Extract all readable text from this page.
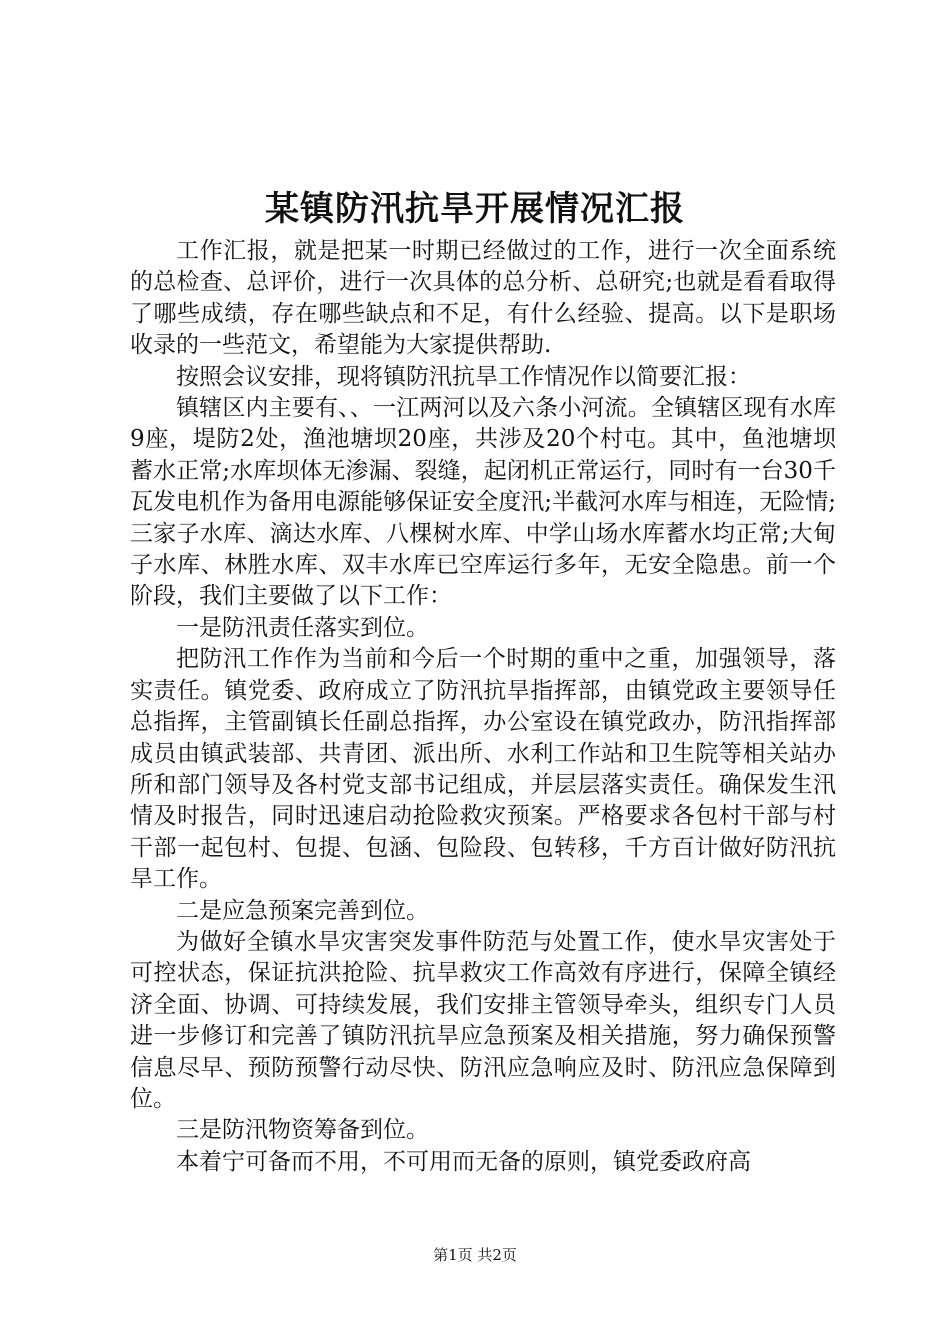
某镇防汛抗旱开展情况汇报

工作汇报，就是把某一时期已经做过的工作，进行一次全面系统的总检查、总评价，进行一次具体的总分析、总研究;也就是看看取得了哪些成绩，存在哪些缺点和不足，有什么经验、提高。以下是职场收录的一些范文，希望能为大家提供帮助.

按照会议安排，现将镇防汛抗旱工作情况作以简要汇报：

镇辖区内主要有、、一江两河以及六条小河流。全镇辖区现有水库9座，堤防2处，渔池塘坝20座，共涉及20个村屯。其中，鱼池塘坝蓄水正常;水库坝体无渗漏、裂缝，起闭机正常运行，同时有一台30千瓦发电机作为备用电源能够保证安全度汛;半截河水库与相连，无险情;三家子水库、滴达水库、八棵树水库、中学山场水库蓄水均正常;大甸子水库、林胜水库、双丰水库已空库运行多年，无安全隐患。前一个阶段，我们主要做了以下工作：

一是防汛责任落实到位。

把防汛工作作为当前和今后一个时期的重中之重，加强领导，落实责任。镇党委、政府成立了防汛抗旱指挥部，由镇党政主要领导任总指挥，主管副镇长任副总指挥，办公室设在镇党政办，防汛指挥部成员由镇武装部、共青团、派出所、水利工作站和卫生院等相关站办所和部门领导及各村党支部书记组成，并层层落实责任。确保发生汛情及时报告，同时迅速启动抢险救灾预案。严格要求各包村干部与村干部一起包村、包提、包涵、包险段、包转移，千方百计做好防汛抗旱工作。

二是应急预案完善到位。

为做好全镇水旱灾害突发事件防范与处置工作，使水旱灾害处于可控状态，保证抗洪抢险、抗旱救灾工作高效有序进行，保障全镇经济全面、协调、可持续发展，我们安排主管领导牵头，组织专门人员进一步修订和完善了镇防汛抗旱应急预案及相关措施，努力确保预警信息尽早、预防预警行动尽快、防汛应急响应及时、防汛应急保障到位。

三是防汛物资筹备到位。

本着宁可备而不用，不可用而无备的原则，镇党委政府高

第1页 共2页
